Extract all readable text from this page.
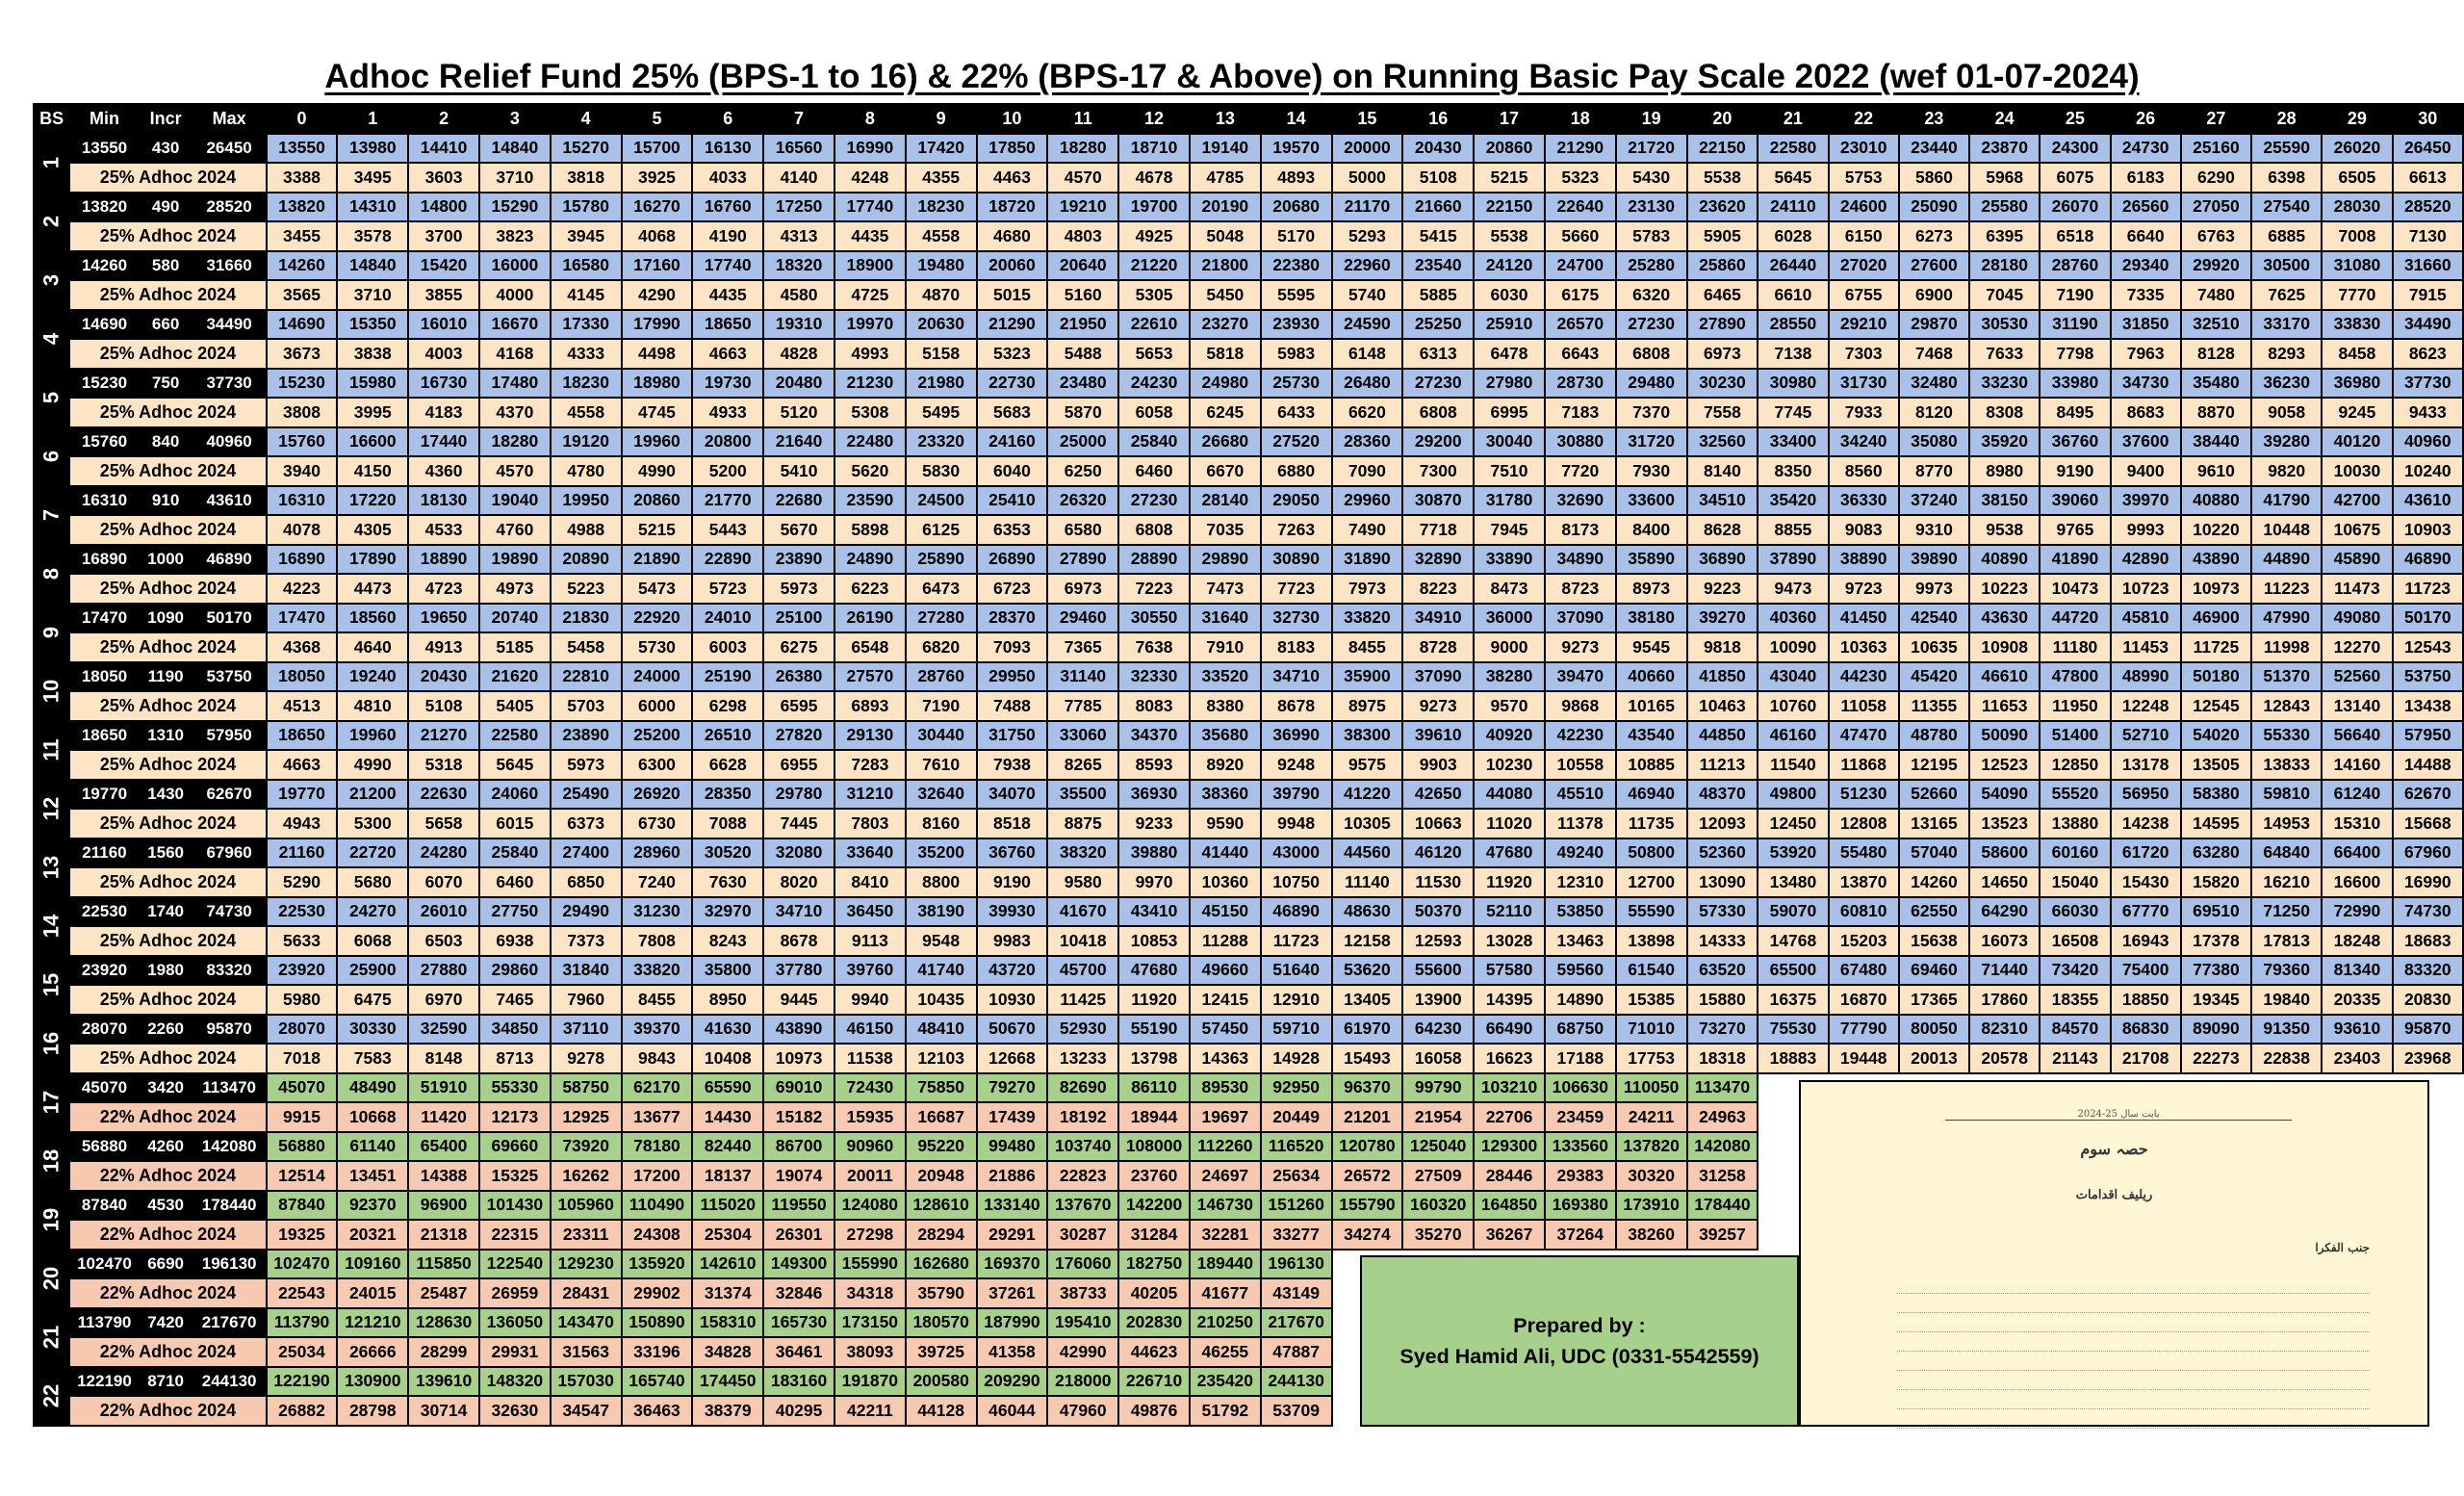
Adhoc Relief Fund 25% (BPS-1 to 16) & 22% (BPS-17 & Above) on Running Basic Pay Scale 2022 (wef 01-07-2024)
BS	Min	Incr	Max	0	1	2	3	4	5	6	7	8	9	10	11	12	13	14	15	16	17	18	19	20	21	22	23	24	25	26	27	28	29	30

1	13550	430	26450	13550	13980	14410	14840	15270	15700	16130	16560	16990	17420	17850	18280	18710	19140	19570	20000	20430	20860	21290	21720	22150	22580	23010	23440	23870	24300	24730	25160	25590	26020	26450
	25% Adhoc 2024			3388	3495	3603	3710	3818	3925	4033	4140	4248	4355	4463	4570	4678	4785	4893	5000	5108	5215	5323	5430	5538	5645	5753	5860	5968	6075	6183	6290	6398	6505	6613

2	13820	490	28520	13820	14310	14800	15290	15780	16270	16760	17250	17740	18230	18720	19210	19700	20190	20680	21170	21660	22150	22640	23130	23620	24110	24600	25090	25580	26070	26560	27050	27540	28030	28520
	25% Adhoc 2024			3455	3578	3700	3823	3945	4068	4190	4313	4435	4558	4680	4803	4925	5048	5170	5293	5415	5538	5660	5783	5905	6028	6150	6273	6395	6518	6640	6763	6885	7008	7130

3	14260	580	31660	14260	14840	15420	16000	16580	17160	17740	18320	18900	19480	20060	20640	21220	21800	22380	22960	23540	24120	24700	25280	25860	26440	27020	27600	28180	28760	29340	29920	30500	31080	31660
	25% Adhoc 2024			3565	3710	3855	4000	4145	4290	4435	4580	4725	4870	5015	5160	5305	5450	5595	5740	5885	6030	6175	6320	6465	6610	6755	6900	7045	7190	7335	7480	7625	7770	7915

4	14690	660	34490	14690	15350	16010	16670	17330	17990	18650	19310	19970	20630	21290	21950	22610	23270	23930	24590	25250	25910	26570	27230	27890	28550	29210	29870	30530	31190	31850	32510	33170	33830	34490
	25% Adhoc 2024			3673	3838	4003	4168	4333	4498	4663	4828	4993	5158	5323	5488	5653	5818	5983	6148	6313	6478	6643	6808	6973	7138	7303	7468	7633	7798	7963	8128	8293	8458	8623

5	15230	750	37730	15230	15980	16730	17480	18230	18980	19730	20480	21230	21980	22730	23480	24230	24980	25730	26480	27230	27980	28730	29480	30230	30980	31730	32480	33230	33980	34730	35480	36230	36980	37730
	25% Adhoc 2024			3808	3995	4183	4370	4558	4745	4933	5120	5308	5495	5683	5870	6058	6245	6433	6620	6808	6995	7183	7370	7558	7745	7933	8120	8308	8495	8683	8870	9058	9245	9433

6	15760	840	40960	15760	16600	17440	18280	19120	19960	20800	21640	22480	23320	24160	25000	25840	26680	27520	28360	29200	30040	30880	31720	32560	33400	34240	35080	35920	36760	37600	38440	39280	40120	40960
	25% Adhoc 2024			3940	4150	4360	4570	4780	4990	5200	5410	5620	5830	6040	6250	6460	6670	6880	7090	7300	7510	7720	7930	8140	8350	8560	8770	8980	9190	9400	9610	9820	10030	10240

7	16310	910	43610	16310	17220	18130	19040	19950	20860	21770	22680	23590	24500	25410	26320	27230	28140	29050	29960	30870	31780	32690	33600	34510	35420	36330	37240	38150	39060	39970	40880	41790	42700	43610
	25% Adhoc 2024			4078	4305	4533	4760	4988	5215	5443	5670	5898	6125	6353	6580	6808	7035	7263	7490	7718	7945	8173	8400	8628	8855	9083	9310	9538	9765	9993	10220	10448	10675	10903

8	16890	1000	46890	16890	17890	18890	19890	20890	21890	22890	23890	24890	25890	26890	27890	28890	29890	30890	31890	32890	33890	34890	35890	36890	37890	38890	39890	40890	41890	42890	43890	44890	45890	46890
	25% Adhoc 2024			4223	4473	4723	4973	5223	5473	5723	5973	6223	6473	6723	6973	7223	7473	7723	7973	8223	8473	8723	8973	9223	9473	9723	9973	10223	10473	10723	10973	11223	11473	11723

9	17470	1090	50170	17470	18560	19650	20740	21830	22920	24010	25100	26190	27280	28370	29460	30550	31640	32730	33820	34910	36000	37090	38180	39270	40360	41450	42540	43630	44720	45810	46900	47990	49080	50170
	25% Adhoc 2024			4368	4640	4913	5185	5458	5730	6003	6275	6548	6820	7093	7365	7638	7910	8183	8455	8728	9000	9273	9545	9818	10090	10363	10635	10908	11180	11453	11725	11998	12270	12543

10	18050	1190	53750	18050	19240	20430	21620	22810	24000	25190	26380	27570	28760	29950	31140	32330	33520	34710	35900	37090	38280	39470	40660	41850	43040	44230	45420	46610	47800	48990	50180	51370	52560	53750
	25% Adhoc 2024			4513	4810	5108	5405	5703	6000	6298	6595	6893	7190	7488	7785	8083	8380	8678	8975	9273	9570	9868	10165	10463	10760	11058	11355	11653	11950	12248	12545	12843	13140	13438

11	18650	1310	57950	18650	19960	21270	22580	23890	25200	26510	27820	29130	30440	31750	33060	34370	35680	36990	38300	39610	40920	42230	43540	44850	46160	47470	48780	50090	51400	52710	54020	55330	56640	57950
	25% Adhoc 2024			4663	4990	5318	5645	5973	6300	6628	6955	7283	7610	7938	8265	8593	8920	9248	9575	9903	10230	10558	10885	11213	11540	11868	12195	12523	12850	13178	13505	13833	14160	14488

12	19770	1430	62670	19770	21200	22630	24060	25490	26920	28350	29780	31210	32640	34070	35500	36930	38360	39790	41220	42650	44080	45510	46940	48370	49800	51230	52660	54090	55520	56950	58380	59810	61240	62670
	25% Adhoc 2024			4943	5300	5658	6015	6373	6730	7088	7445	7803	8160	8518	8875	9233	9590	9948	10305	10663	11020	11378	11735	12093	12450	12808	13165	13523	13880	14238	14595	14953	15310	15668

13	21160	1560	67960	21160	22720	24280	25840	27400	28960	30520	32080	33640	35200	36760	38320	39880	41440	43000	44560	46120	47680	49240	50800	52360	53920	55480	57040	58600	60160	61720	63280	64840	66400	67960
	25% Adhoc 2024			5290	5680	6070	6460	6850	7240	7630	8020	8410	8800	9190	9580	9970	10360	10750	11140	11530	11920	12310	12700	13090	13480	13870	14260	14650	15040	15430	15820	16210	16600	16990

14	22530	1740	74730	22530	24270	26010	27750	29490	31230	32970	34710	36450	38190	39930	41670	43410	45150	46890	48630	50370	52110	53850	55590	57330	59070	60810	62550	64290	66030	67770	69510	71250	72990	74730
	25% Adhoc 2024			5633	6068	6503	6938	7373	7808	8243	8678	9113	9548	9983	10418	10853	11288	11723	12158	12593	13028	13463	13898	14333	14768	15203	15638	16073	16508	16943	17378	17813	18248	18683

15	23920	1980	83320	23920	25900	27880	29860	31840	33820	35800	37780	39760	41740	43720	45700	47680	49660	51640	53620	55600	57580	59560	61540	63520	65500	67480	69460	71440	73420	75400	77380	79360	81340	83320
	25% Adhoc 2024			5980	6475	6970	7465	7960	8455	8950	9445	9940	10435	10930	11425	11920	12415	12910	13405	13900	14395	14890	15385	15880	16375	16870	17365	17860	18355	18850	19345	19840	20335	20830

16	28070	2260	95870	28070	30330	32590	34850	37110	39370	41630	43890	46150	48410	50670	52930	55190	57450	59710	61970	64230	66490	68750	71010	73270	75530	77790	80050	82310	84570	86830	89090	91350	93610	95870
	25% Adhoc 2024			7018	7583	8148	8713	9278	9843	10408	10973	11538	12103	12668	13233	13798	14363	14928	15493	16058	16623	17188	17753	18318	18883	19448	20013	20578	21143	21708	22273	22838	23403	23968

17	45070	3420	113470	45070	48490	51910	55330	58750	62170	65590	69010	72430	75850	79270	82690	86110	89530	92950	96370	99790	103210	106630	110050	113470										
	22% Adhoc 2024			9915	10668	11420	12173	12925	13677	14430	15182	15935	16687	17439	18192	18944	19697	20449	21201	21954	22706	23459	24211	24963										

18	56880	4260	142080	56880	61140	65400	69660	73920	78180	82440	86700	90960	95220	99480	103740	108000	112260	116520	120780	125040	129300	133560	137820	142080										
	22% Adhoc 2024			12514	13451	14388	15325	16262	17200	18137	19074	20011	20948	21886	22823	23760	24697	25634	26572	27509	28446	29383	30320	31258										

19	87840	4530	178440	87840	92370	96900	101430	105960	110490	115020	119550	124080	128610	133140	137670	142200	146730	151260	155790	160320	164850	169380	173910	178440										
	22% Adhoc 2024			19325	20321	21318	22315	23311	24308	25304	26301	27298	28294	29291	30287	31284	32281	33277	34274	35270	36267	37264	38260	39257										

20	102470	6690	196130	102470	109160	115850	122540	129230	135920	142610	149300	155990	162680	169370	176060	182750	189440	196130																
	22% Adhoc 2024			22543	24015	25487	26959	28431	29902	31374	32846	34318	35790	37261	38733	40205	41677	43149																

21	113790	7420	217670	113790	121210	128630	136050	143470	150890	158310	165730	173150	180570	187990	195410	202830	210250	217670																
	22% Adhoc 2024			25034	26666	28299	29931	31563	33196	34828	36461	38093	39725	41358	42990	44623	46255	47887																

22	122190	8710	244130	122190	130900	139610	148320	157030	165740	174450	183160	191870	200580	209290	218000	226710	235420	244130																
	22% Adhoc 2024			26882	28798	30714	32630	34547	36463	38379	40295	42211	44128	46044	47960	49876	51792	53709																
Prepared by :
Syed Hamid Ali, UDC (0331-5542559)
بابت سال 25-2024
حصہ سوم
ریلیف اقدامات
جنب الفکرا
